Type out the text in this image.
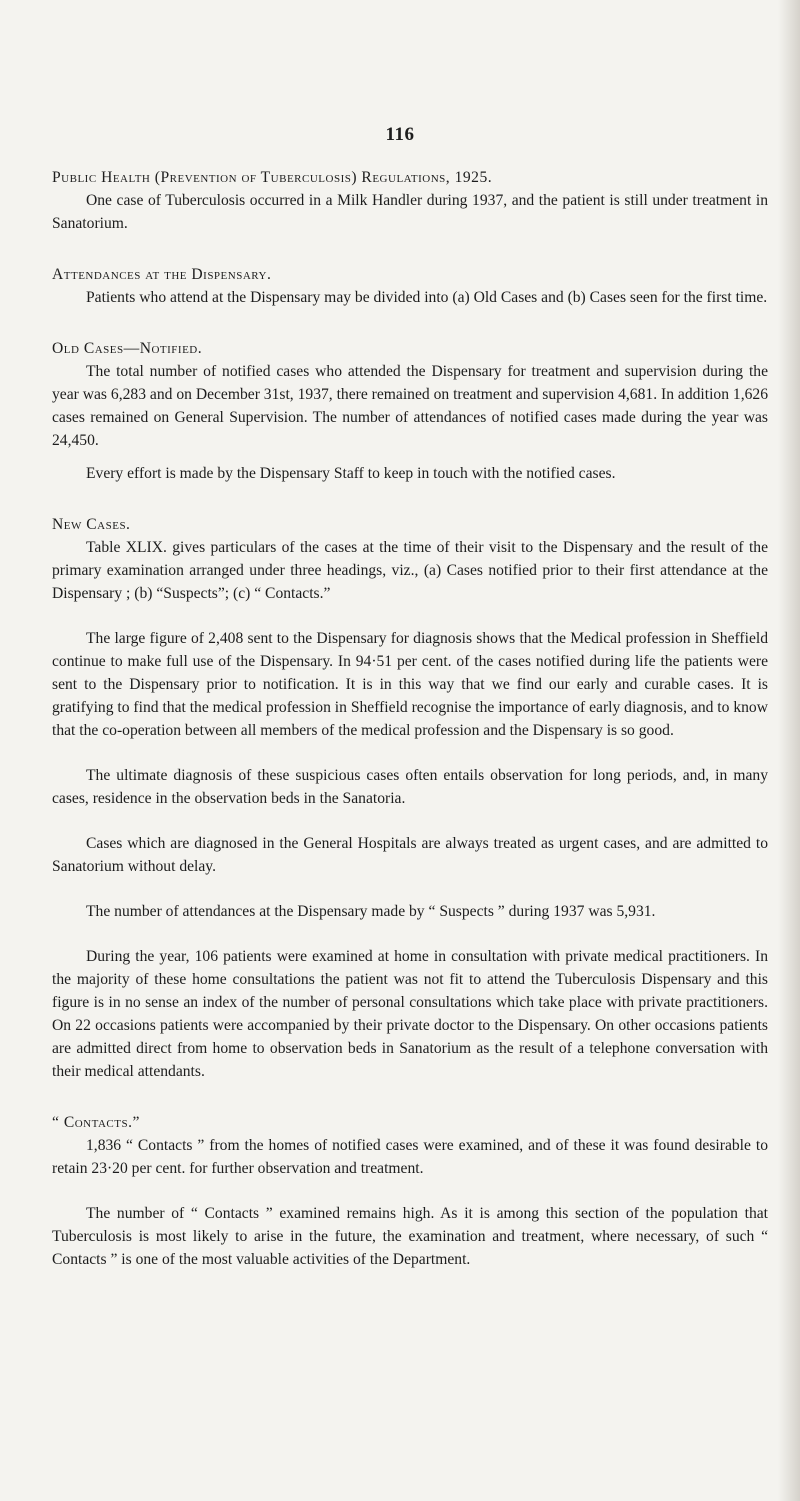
116
Public Health (Prevention of Tuberculosis) Regulations, 1925.

One case of Tuberculosis occurred in a Milk Handler during 1937, and the patient is still under treatment in Sanatorium.

Attendances at the Dispensary.

Patients who attend at the Dispensary may be divided into (a) Old Cases and (b) Cases seen for the first time.

Old Cases—Notified.

The total number of notified cases who attended the Dispensary for treatment and supervision during the year was 6,283 and on December 31st, 1937, there remained on treatment and supervision 4,681. In addition 1,626 cases remained on General Supervision. The number of attendances of notified cases made during the year was 24,450.

Every effort is made by the Dispensary Staff to keep in touch with the notified cases.

New Cases.

Table XLIX. gives particulars of the cases at the time of their visit to the Dispensary and the result of the primary examination arranged under three headings, viz., (a) Cases notified prior to their first attendance at the Dispensary ; (b) “Suspects”; (c) “ Contacts.”

The large figure of 2,408 sent to the Dispensary for diagnosis shows that the Medical profession in Sheffield continue to make full use of the Dispensary. In 94·51 per cent. of the cases notified during life the patients were sent to the Dispensary prior to notification. It is in this way that we find our early and curable cases. It is gratifying to find that the medical profession in Sheffield recognise the importance of early diagnosis, and to know that the co-operation between all members of the medical profession and the Dispensary is so good.

The ultimate diagnosis of these suspicious cases often entails observation for long periods, and, in many cases, residence in the observation beds in the Sanatoria.

Cases which are diagnosed in the General Hospitals are always treated as urgent cases, and are admitted to Sanatorium without delay.

The number of attendances at the Dispensary made by “ Suspects ” during 1937 was 5,931.

During the year, 106 patients were examined at home in consultation with private medical practitioners. In the majority of these home consultations the patient was not fit to attend the Tuberculosis Dispensary and this figure is in no sense an index of the number of personal consultations which take place with private practitioners. On 22 occasions patients were accompanied by their private doctor to the Dispensary. On other occasions patients are admitted direct from home to observation beds in Sanatorium as the result of a telephone conversation with their medical attendants.

“ Contacts.”

1,836 “ Contacts ” from the homes of notified cases were examined, and of these it was found desirable to retain 23·20 per cent. for further observation and treatment.

The number of “ Contacts ” examined remains high. As it is among this section of the population that Tuberculosis is most likely to arise in the future, the examination and treatment, where necessary, of such “ Contacts ” is one of the most valuable activities of the Department.
